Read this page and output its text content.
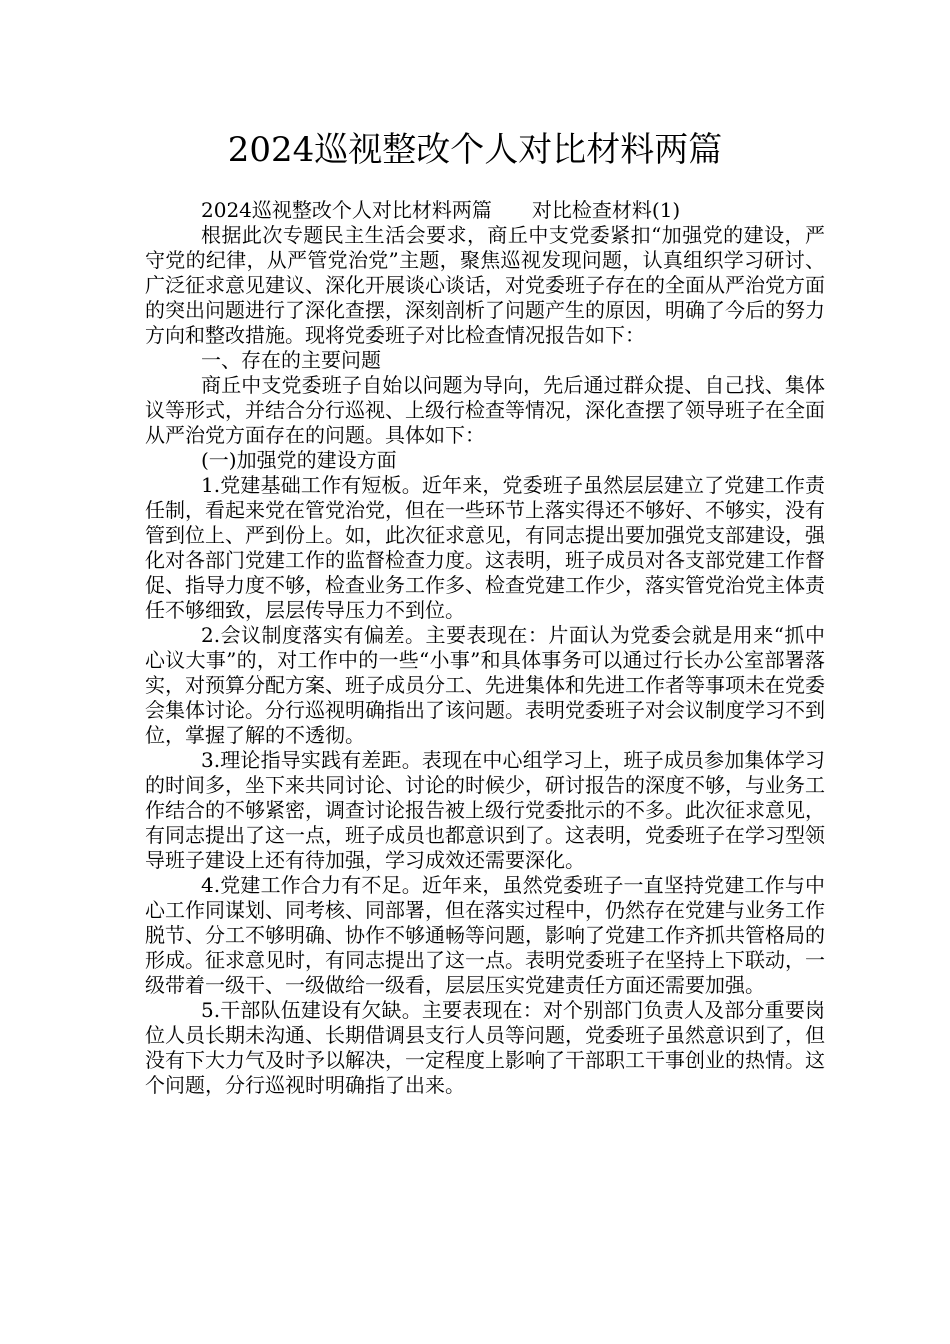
2024巡视整改个人对比材料两篇

2024巡视整改个人对比材料两篇　　对比检查材料(1)

根据此次专题民主生活会要求，商丘中支党委紧扣“加强党的建设，严守党的纪律，从严管党治党”主题，聚焦巡视发现问题，认真组织学习研讨、广泛征求意见建议、深化开展谈心谈话，对党委班子存在的全面从严治党方面的突出问题进行了深化查摆，深刻剖析了问题产生的原因，明确了今后的努力方向和整改措施。现将党委班子对比检查情况报告如下：

一、存在的主要问题

商丘中支党委班子自始以问题为导向，先后通过群众提、自己找、集体议等形式，并结合分行巡视、上级行检查等情况，深化查摆了领导班子在全面从严治党方面存在的问题。具体如下：

(一)加强党的建设方面

1.党建基础工作有短板。近年来，党委班子虽然层层建立了党建工作责任制，看起来党在管党治党，但在一些环节上落实得还不够好、不够实，没有管到位上、严到份上。如，此次征求意见，有同志提出要加强党支部建设，强化对各部门党建工作的监督检查力度。这表明，班子成员对各支部党建工作督促、指导力度不够，检查业务工作多、检查党建工作少，落实管党治党主体责任不够细致，层层传导压力不到位。

2.会议制度落实有偏差。主要表现在：片面认为党委会就是用来“抓中心议大事”的，对工作中的一些“小事”和具体事务可以通过行长办公室部署落实，对预算分配方案、班子成员分工、先进集体和先进工作者等事项未在党委会集体讨论。分行巡视明确指出了该问题。表明党委班子对会议制度学习不到位，掌握了解的不透彻。

3.理论指导实践有差距。表现在中心组学习上，班子成员参加集体学习的时间多，坐下来共同讨论、讨论的时候少，研讨报告的深度不够，与业务工作结合的不够紧密，调查讨论报告被上级行党委批示的不多。此次征求意见，有同志提出了这一点，班子成员也都意识到了。这表明，党委班子在学习型领导班子建设上还有待加强，学习成效还需要深化。

4.党建工作合力有不足。近年来，虽然党委班子一直坚持党建工作与中心工作同谋划、同考核、同部署，但在落实过程中，仍然存在党建与业务工作脱节、分工不够明确、协作不够通畅等问题，影响了党建工作齐抓共管格局的形成。征求意见时，有同志提出了这一点。表明党委班子在坚持上下联动，一级带着一级干、一级做给一级看，层层压实党建责任方面还需要加强。

5.干部队伍建设有欠缺。主要表现在：对个别部门负责人及部分重要岗位人员长期未沟通、长期借调县支行人员等问题，党委班子虽然意识到了，但没有下大力气及时予以解决，一定程度上影响了干部职工干事创业的热情。这个问题，分行巡视时明确指了出来。
